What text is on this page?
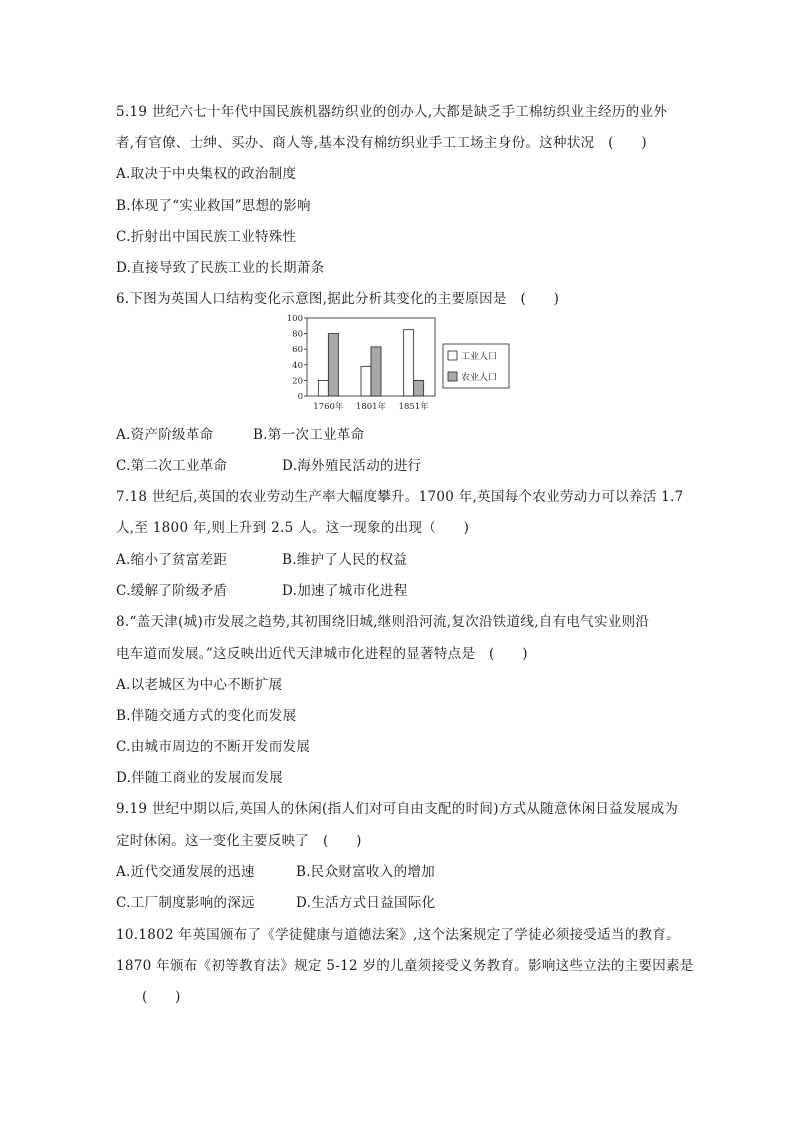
5.19 世纪六七十年代中国民族机器纺织业的创办人,大都是缺乏手工棉纺织业主经历的业外
者,有官僚、士绅、买办、商人等,基本没有棉纺织业手工工场主身份。这种状况　(　　)
A.取决于中央集权的政治制度
B.体现了“实业救国”思想的影响
C.折射出中国民族工业特殊性
D.直接导致了民族工业的长期萧条
6.下图为英国人口结构变化示意图,据此分析其变化的主要原因是　(　　)
0
20
40
60
80
100
1760年 1801年 1851年
工业人口
农业人口
A.资产阶级革命	B.第一次工业革命
C.第二次工业革命	D.海外殖民活动的进行
7.18 世纪后,英国的农业劳动生产率大幅度攀升。1700 年,英国每个农业劳动力可以养活 1.7
人,至 1800 年,则上升到 2.5 人。这一现象的出现（　　)
A.缩小了贫富差距	B.维护了人民的权益
C.缓解了阶级矛盾	D.加速了城市化进程
8.“盖天津(城)市发展之趋势,其初围绕旧城,继则沿河流,复次沿铁道线,自有电气实业则沿
电车道而发展。”这反映出近代天津城市化进程的显著特点是　(　　)
A.以老城区为中心不断扩展
B.伴随交通方式的变化而发展
C.由城市周边的不断开发而发展
D.伴随工商业的发展而发展
9.19 世纪中期以后,英国人的休闲(指人们对可自由支配的时间)方式从随意休闲日益发展成为
定时休闲。这一变化主要反映了　(　　)
A.近代交通发展的迅速	B.民众财富收入的增加
C.工厂制度影响的深远	D.生活方式日益国际化
10.1802 年英国颁布了《学徒健康与道德法案》,这个法案规定了学徒必须接受适当的教育。
1870 年颁布《初等教育法》规定 5-12 岁的儿童须接受义务教育。影响这些立法的主要因素是
(　　)
